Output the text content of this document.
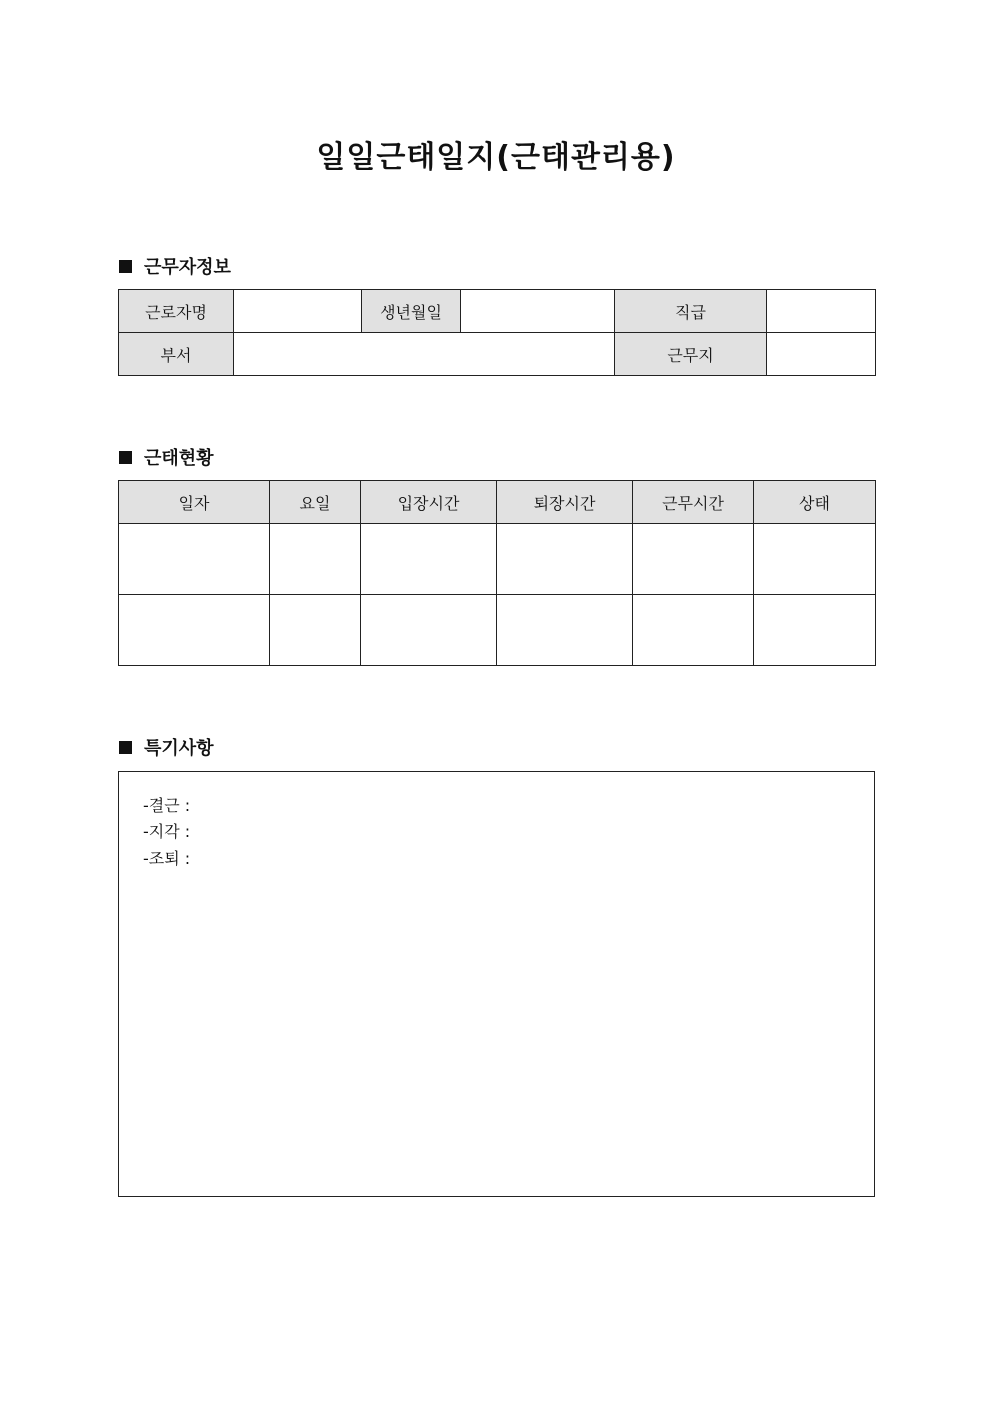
일일근태일지(근태관리용)
근무자정보
근로자명		생년월일		직급	
부서				근무지	
근태현황
일자	요일	입장시간	퇴장시간	근무시간	상태

특기사항
-결근 :
-지각 :
-조퇴 :
